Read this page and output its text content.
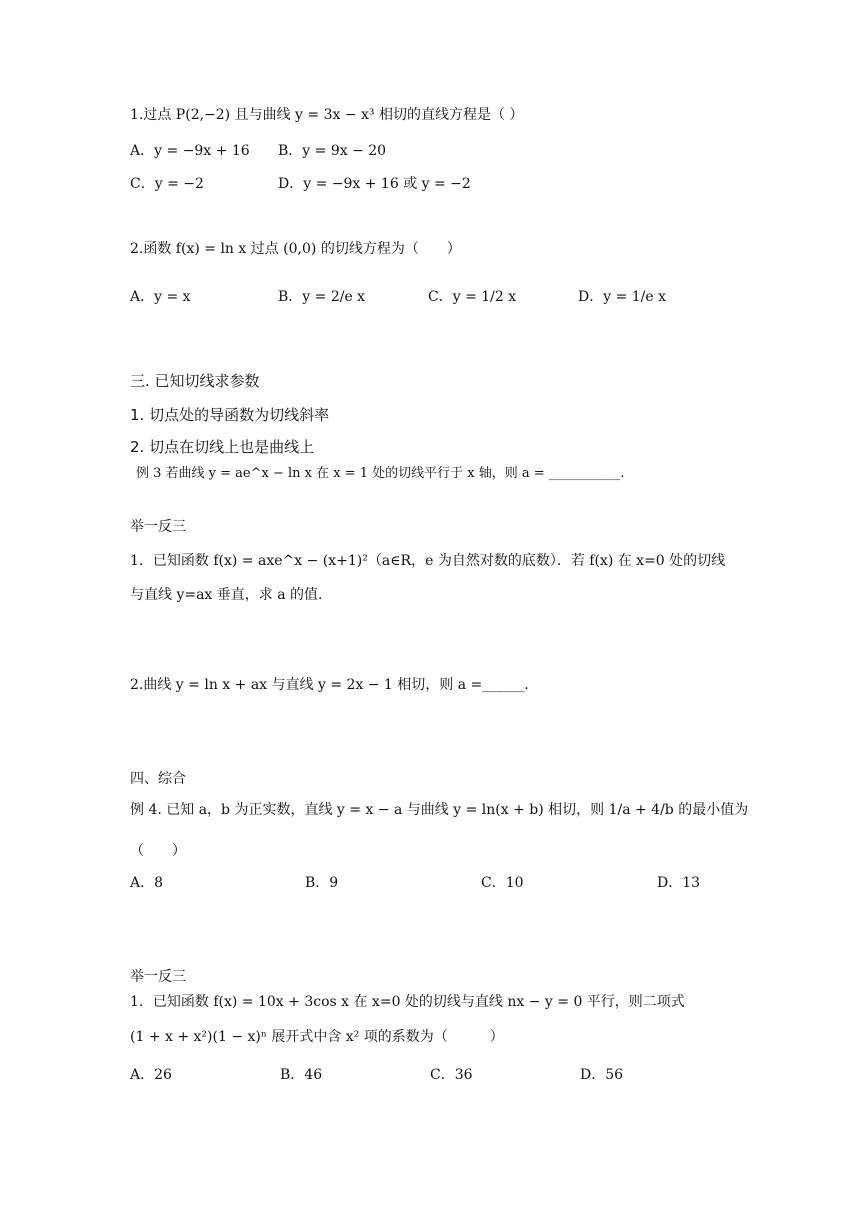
1.过点 P(2,−2) 且与曲线 y = 3x − x³ 相切的直线方程是（ ）
A．y = −9x + 16 B．y = 9x − 20
C．y = −2	D．y = −9x + 16 或 y = −2
2.函数 f(x) = ln x 过点 (0,0) 的切线方程为（　　）
A．y = x	B．y = 2/e x	C．y = 1/2 x	D．y = 1/e x
三. 已知切线求参数
1. 切点处的导函数为切线斜率
2. 切点在切线上也是曲线上
例 3 若曲线 y = ae^x − ln x 在 x = 1 处的切线平行于 x 轴，则 a = ___________.
举一反三
1．已知函数 f(x) = axe^x − (x+1)²（a∈R，e 为自然对数的底数）．若 f(x) 在 x=0 处的切线
与直线 y=ax 垂直，求 a 的值.
2.曲线 y = ln x + ax 与直线 y = 2x − 1 相切，则 a =______.
四、综合
例 4. 已知 a，b 为正实数，直线 y = x − a 与曲线 y = ln(x + b) 相切，则 1/a + 4/b 的最小值为
（　　）
A．8	B．9	C．10	D．13
举一反三
1．已知函数 f(x) = 10x + 3cos x 在 x=0 处的切线与直线 nx − y = 0 平行，则二项式
(1 + x + x²)(1 − x)ⁿ 展开式中含 x² 项的系数为（　　　）
A．26	B．46	C．36	D．56
